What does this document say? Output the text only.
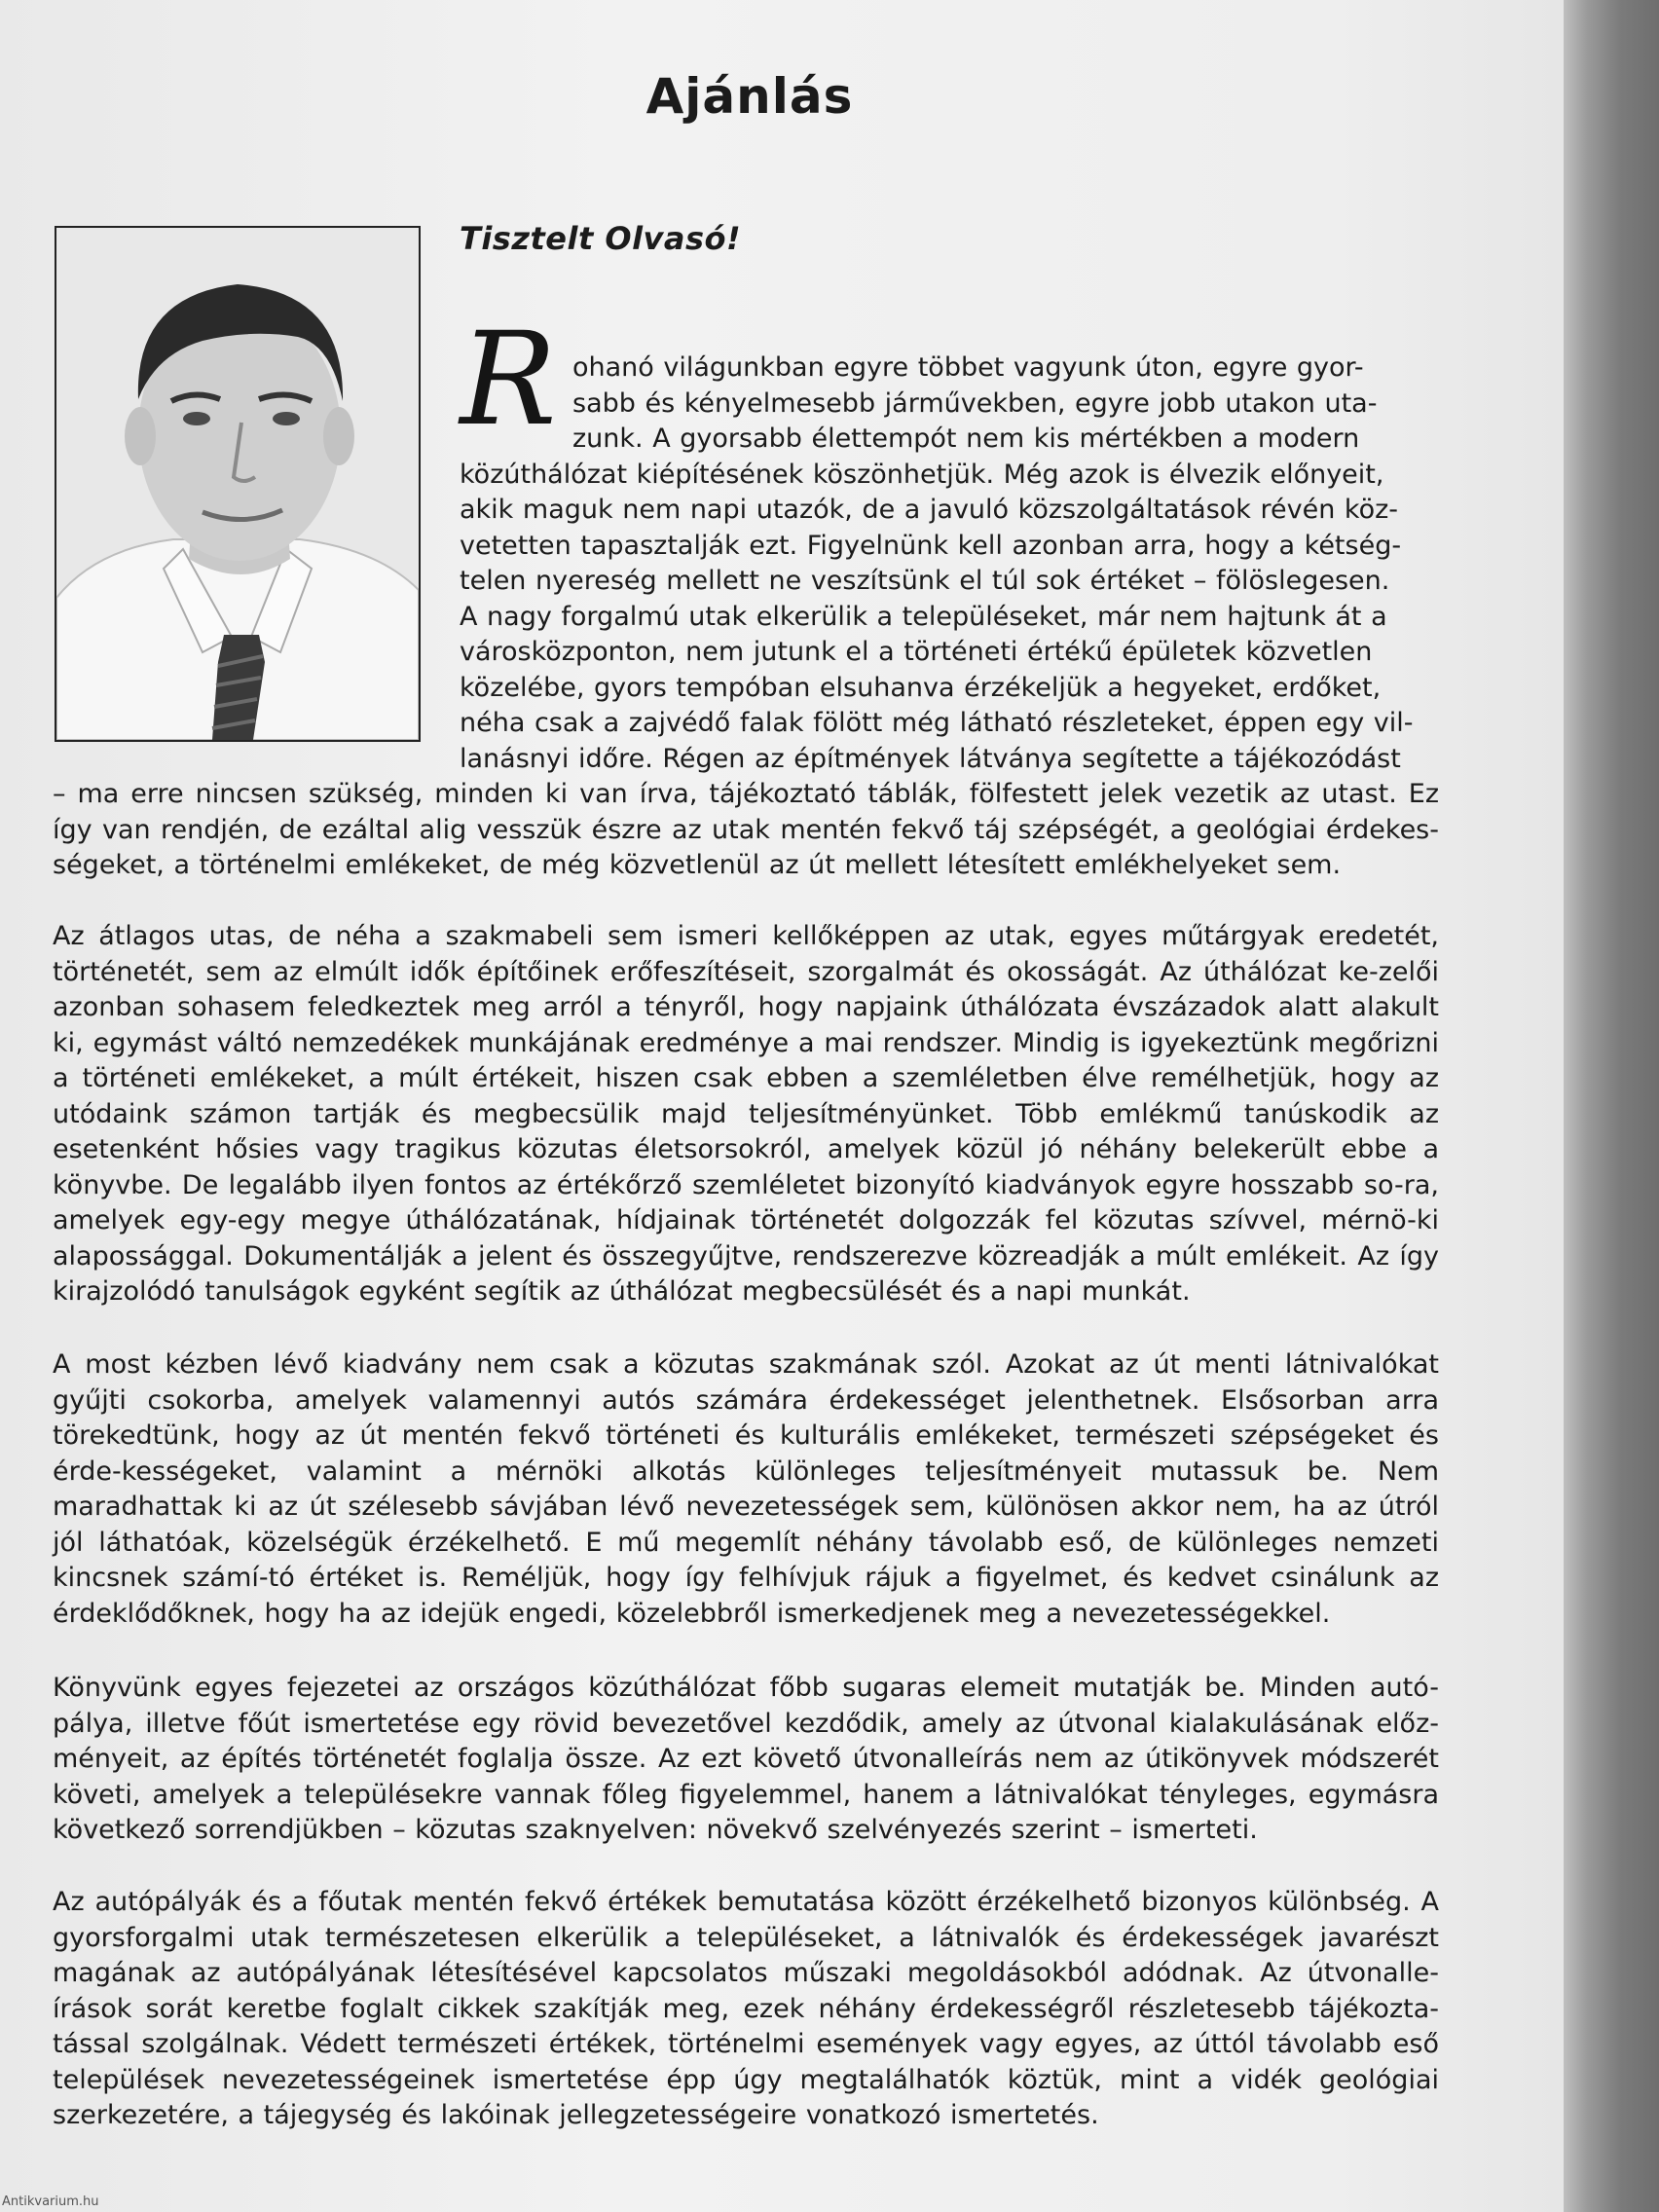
Ajánlás
Tisztelt Olvasó!
R ohanó világunkban egyre többet vagyunk úton, egyre gyor-
sabb és kényelmesebb járművekben, egyre jobb utakon uta-
zunk. A gyorsabb élettempót nem kis mértékben a modern
közúthálózat kiépítésének köszönhetjük. Még azok is élvezik előnyeit,
akik maguk nem napi utazók, de a javuló közszolgáltatások révén köz-
vetetten tapasztalják ezt. Figyelnünk kell azonban arra, hogy a kétség-
telen nyereség mellett ne veszítsünk el túl sok értéket – fölöslegesen.
A nagy forgalmú utak elkerülik a településeket, már nem hajtunk át a
városközponton, nem jutunk el a történeti értékű épületek közvetlen
közelébe, gyors tempóban elsuhanva érzékeljük a hegyeket, erdőket,
néha csak a zajvédő falak fölött még látható részleteket, éppen egy vil-
lanásnyi időre. Régen az építmények látványa segítette a tájékozódást

– ma erre nincsen szükség, minden ki van írva, tájékoztató táblák, fölfestett jelek vezetik az utast. Ez így van rendjén, de ezáltal alig vesszük észre az utak mentén fekvő táj szépségét, a geológiai érdekes-ségeket, a történelmi emlékeket, de még közvetlenül az út mellett létesített emlékhelyeket sem.

Az átlagos utas, de néha a szakmabeli sem ismeri kellőképpen az utak, egyes műtárgyak eredetét, történetét, sem az elmúlt idők építőinek erőfeszítéseit, szorgalmát és okosságát. Az úthálózat ke-zelői azonban sohasem feledkeztek meg arról a tényről, hogy napjaink úthálózata évszázadok alatt alakult ki, egymást váltó nemzedékek munkájának eredménye a mai rendszer. Mindig is igyekeztünk megőrizni a történeti emlékeket, a múlt értékeit, hiszen csak ebben a szemléletben élve remélhetjük, hogy az utódaink számon tartják és megbecsülik majd teljesítményünket. Több emlékmű tanúskodik az esetenként hősies vagy tragikus közutas életsorsokról, amelyek közül jó néhány belekerült ebbe a könyvbe. De legalább ilyen fontos az értékőrző szemléletet bizonyító kiadványok egyre hosszabb so-ra, amelyek egy-egy megye úthálózatának, hídjainak történetét dolgozzák fel közutas szívvel, mérnö-ki alapossággal. Dokumentálják a jelent és összegyűjtve, rendszerezve közreadják a múlt emlékeit. Az így kirajzolódó tanulságok egyként segítik az úthálózat megbecsülését és a napi munkát.

A most kézben lévő kiadvány nem csak a közutas szakmának szól. Azokat az út menti látnivalókat gyűjti csokorba, amelyek valamennyi autós számára érdekességet jelenthetnek. Elsősorban arra törekedtünk, hogy az út mentén fekvő történeti és kulturális emlékeket, természeti szépségeket és érde-kességeket, valamint a mérnöki alkotás különleges teljesítményeit mutassuk be. Nem maradhattak ki az út szélesebb sávjában lévő nevezetességek sem, különösen akkor nem, ha az útról jól láthatóak, közelségük érzékelhető. E mű megemlít néhány távolabb eső, de különleges nemzeti kincsnek számí-tó értéket is. Reméljük, hogy így felhívjuk rájuk a figyelmet, és kedvet csinálunk az érdeklődőknek, hogy ha az idejük engedi, közelebbről ismerkedjenek meg a nevezetességekkel.

Könyvünk egyes fejezetei az országos közúthálózat főbb sugaras elemeit mutatják be. Minden autó-pálya, illetve főút ismertetése egy rövid bevezetővel kezdődik, amely az útvonal kialakulásának előz-ményeit, az építés történetét foglalja össze. Az ezt követő útvonalleírás nem az útikönyvek módszerét követi, amelyek a településekre vannak főleg figyelemmel, hanem a látnivalókat tényleges, egymásra következő sorrendjükben – közutas szaknyelven: növekvő szelvényezés szerint – ismerteti.

Az autópályák és a főutak mentén fekvő értékek bemutatása között érzékelhető bizonyos különbség. A gyorsforgalmi utak természetesen elkerülik a településeket, a látnivalók és érdekességek javarészt magának az autópályának létesítésével kapcsolatos műszaki megoldásokból adódnak. Az útvonalle-írások sorát keretbe foglalt cikkek szakítják meg, ezek néhány érdekességről részletesebb tájékozta-tással szolgálnak. Védett természeti értékek, történelmi események vagy egyes, az úttól távolabb eső települések nevezetességeinek ismertetése épp úgy megtalálhatók köztük, mint a vidék geológiai szerkezetére, a tájegység és lakóinak jellegzetességeire vonatkozó ismertetés.

Antikvarium.hu
